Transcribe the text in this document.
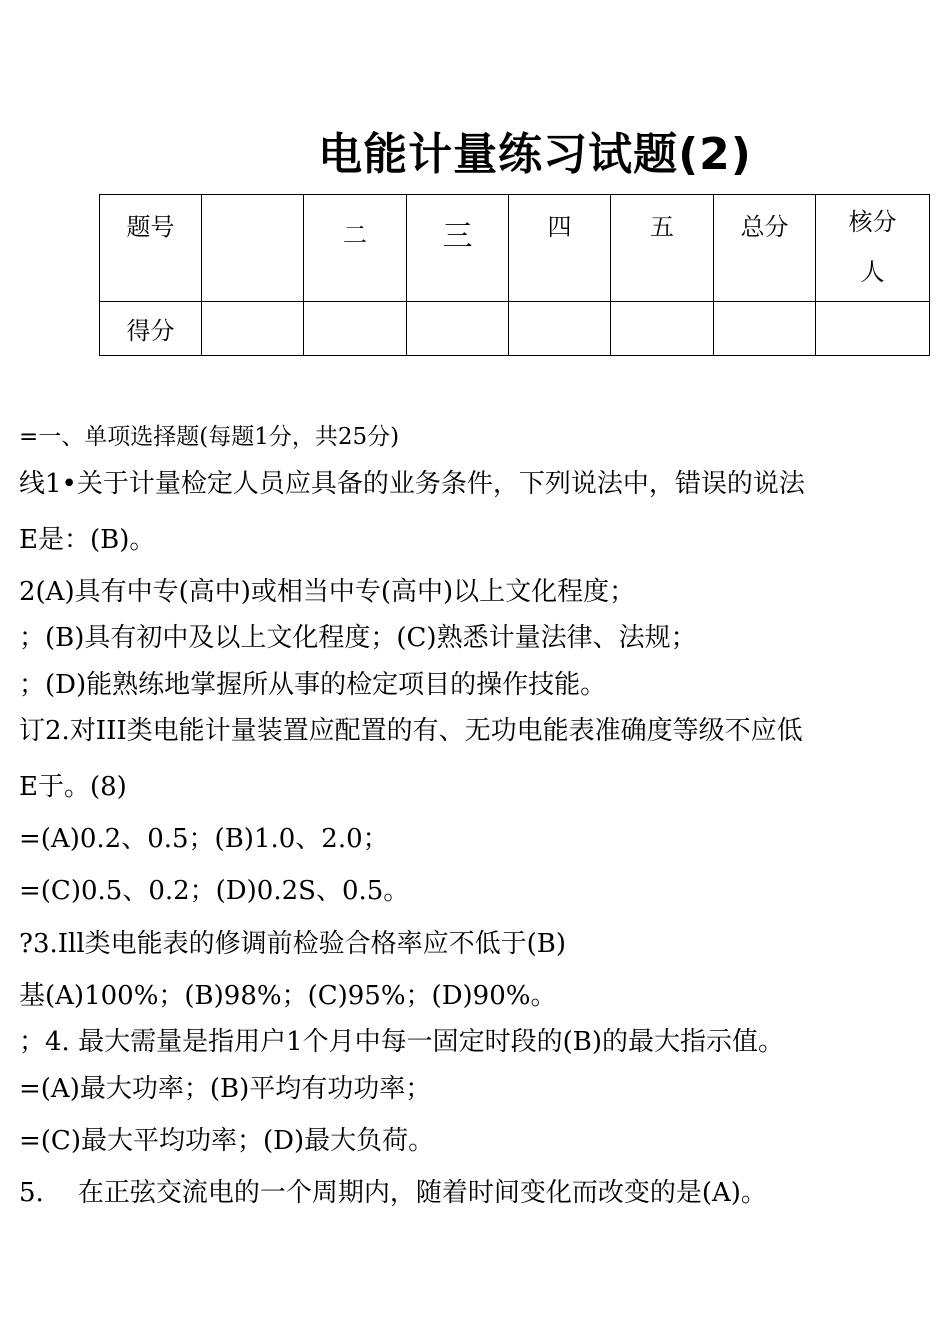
电能计量练习试题(2)
题号		二	三	四	五	总分	核分
人

得分							
=一、单项选择题(每题1分，共25分)
线1•关于计量检定人员应具备的业务条件，下列说法中，错误的说法
E是：(B)。
2(A)具有中专(高中)或相当中专(高中)以上文化程度；
；(B)具有初中及以上文化程度；(C)熟悉计量法律、法规；
；(D)能熟练地掌握所从事的检定项目的操作技能。
订2.对III类电能计量装置应配置的有、无功电能表准确度等级不应低
E于。(8)
=(A)0.2、0.5；(B)1.0、2.0；
=(C)0.5、0.2；(D)0.2S、0.5。
?3.Ill类电能表的修调前检验合格率应不低于(B)
基(A)100%；(B)98%；(C)95%；(D)90%。
；4. 最大需量是指用户1个月中每一固定时段的(B)的最大指示值。
=(A)最大功率；(B)平均有功功率；
=(C)最大平均功率；(D)最大负荷。
5. 在正弦交流电的一个周期内，随着时间变化而改变的是(A)。
